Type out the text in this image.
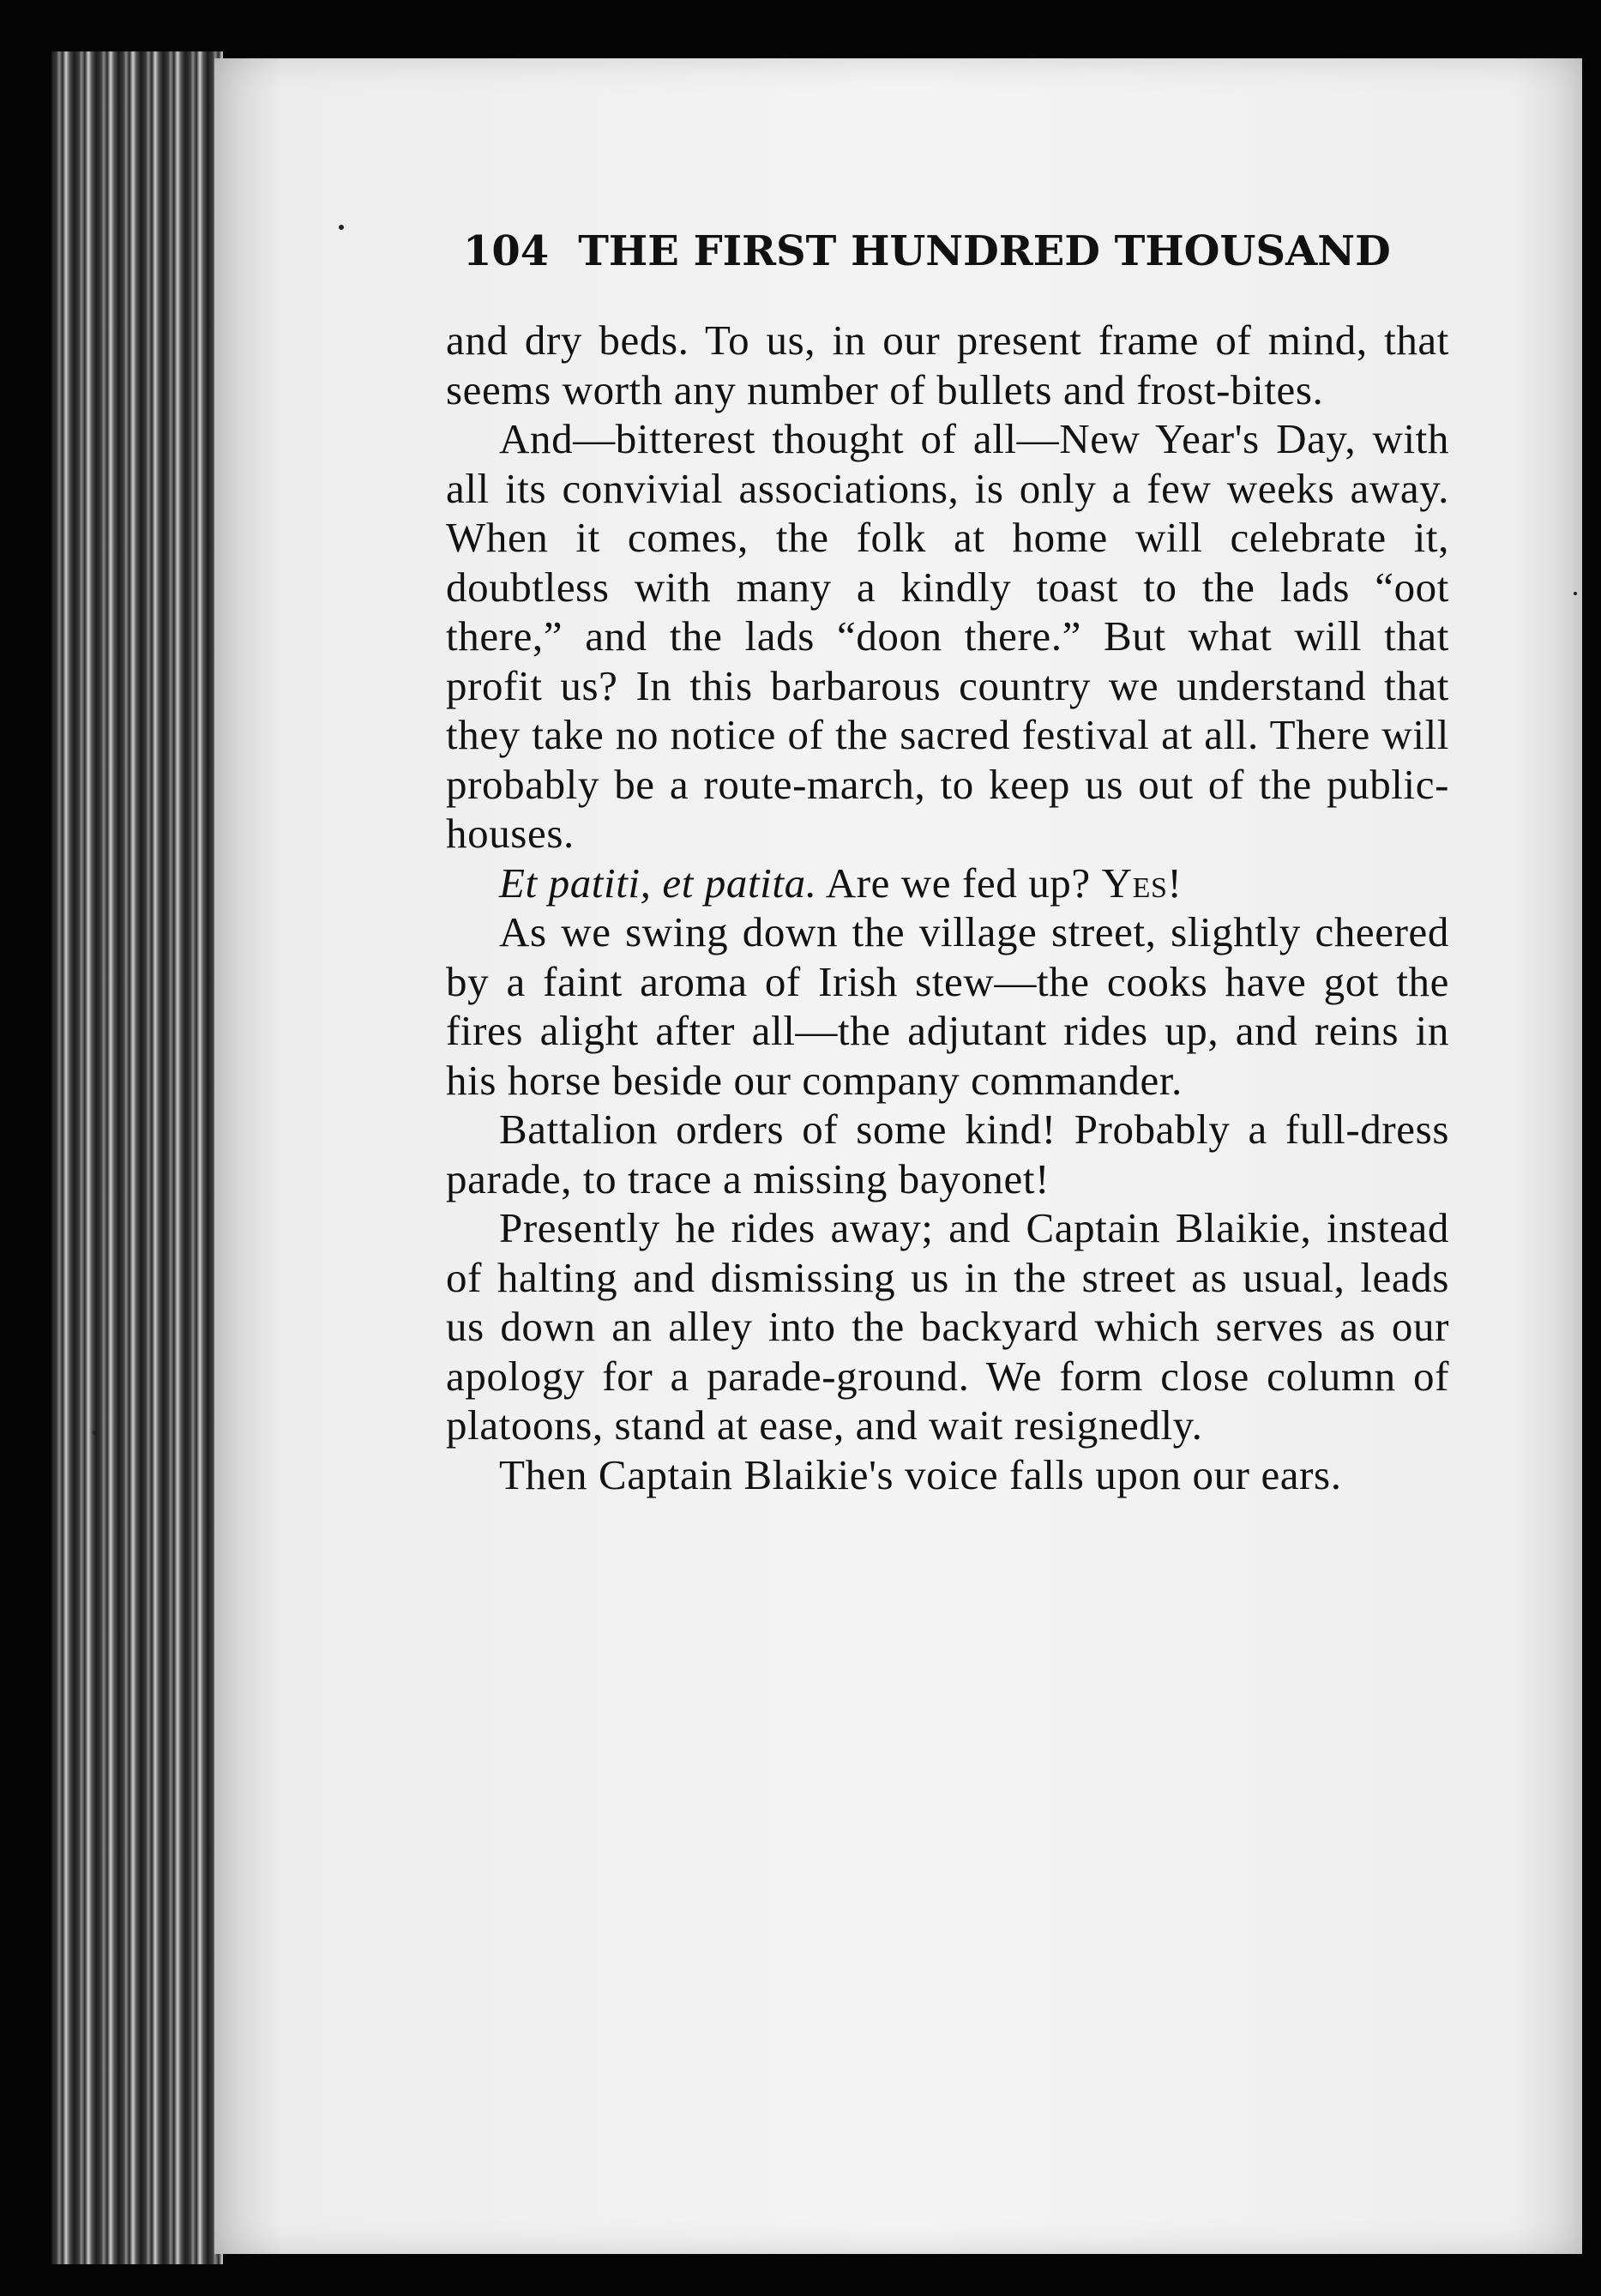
104 THE FIRST HUNDRED THOUSAND

and dry beds. To us, in our present frame of mind, that seems worth any number of bullets and frost-bites.

And—bitterest thought of all—New Year's Day, with all its convivial associations, is only a few weeks away. When it comes, the folk at home will celebrate it, doubtless with many a kindly toast to the lads “oot there,” and the lads “doon there.” But what will that profit us? In this barbarous country we understand that they take no notice of the sacred festival at all. There will probably be a route-march, to keep us out of the public-houses.

Et patiti, et patita. Are we fed up? Yes!

As we swing down the village street, slightly cheered by a faint aroma of Irish stew—the cooks have got the fires alight after all—the adjutant rides up, and reins in his horse beside our company commander.

Battalion orders of some kind! Probably a full-dress parade, to trace a missing bayonet!

Presently he rides away; and Captain Blaikie, instead of halting and dismissing us in the street as usual, leads us down an alley into the backyard which serves as our apology for a parade-ground. We form close column of platoons, stand at ease, and wait resignedly.

Then Captain Blaikie's voice falls upon our ears.
